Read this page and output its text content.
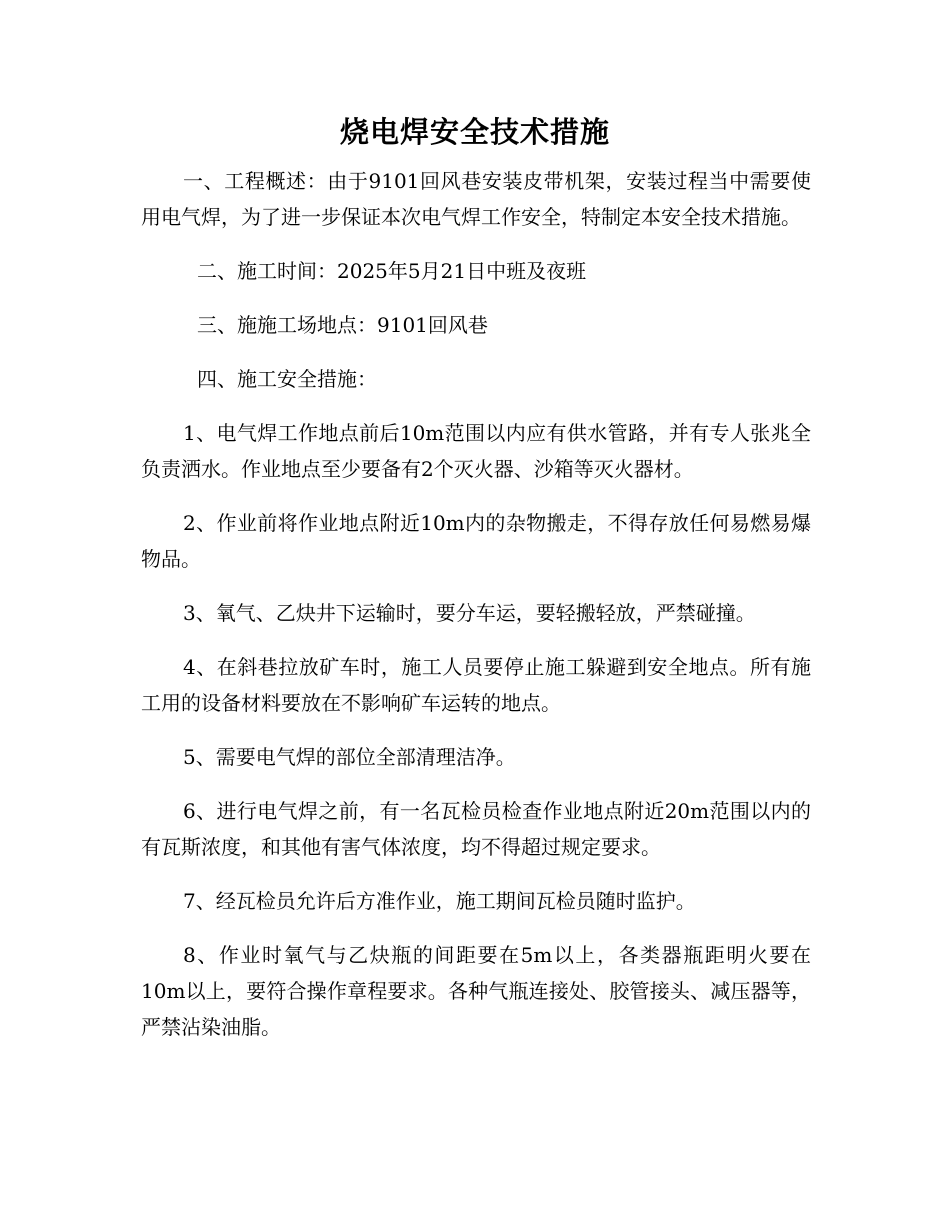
烧电焊安全技术措施

一、工程概述：由于9101回风巷安装皮带机架，安装过程当中需要使用电气焊，为了进一步保证本次电气焊工作安全，特制定本安全技术措施。

二、施工时间：2025年5月21日中班及夜班

三、施施工场地点：9101回风巷

四、施工安全措施：

1、电气焊工作地点前后10m范围以内应有供水管路，并有专人张兆全负责洒水。作业地点至少要备有2个灭火器、沙箱等灭火器材。

2、作业前将作业地点附近10m内的杂物搬走，不得存放任何易燃易爆物品。

3、氧气、乙炔井下运输时，要分车运，要轻搬轻放，严禁碰撞。

4、在斜巷拉放矿车时，施工人员要停止施工躲避到安全地点。所有施工用的设备材料要放在不影响矿车运转的地点。

5、需要电气焊的部位全部清理洁净。

6、进行电气焊之前，有一名瓦检员检查作业地点附近20m范围以内的有瓦斯浓度，和其他有害气体浓度，均不得超过规定要求。

7、经瓦检员允许后方准作业，施工期间瓦检员随时监护。

8、作业时氧气与乙炔瓶的间距要在5m以上，各类器瓶距明火要在10m以上，要符合操作章程要求。各种气瓶连接处、胶管接头、减压器等，严禁沾染油脂。
